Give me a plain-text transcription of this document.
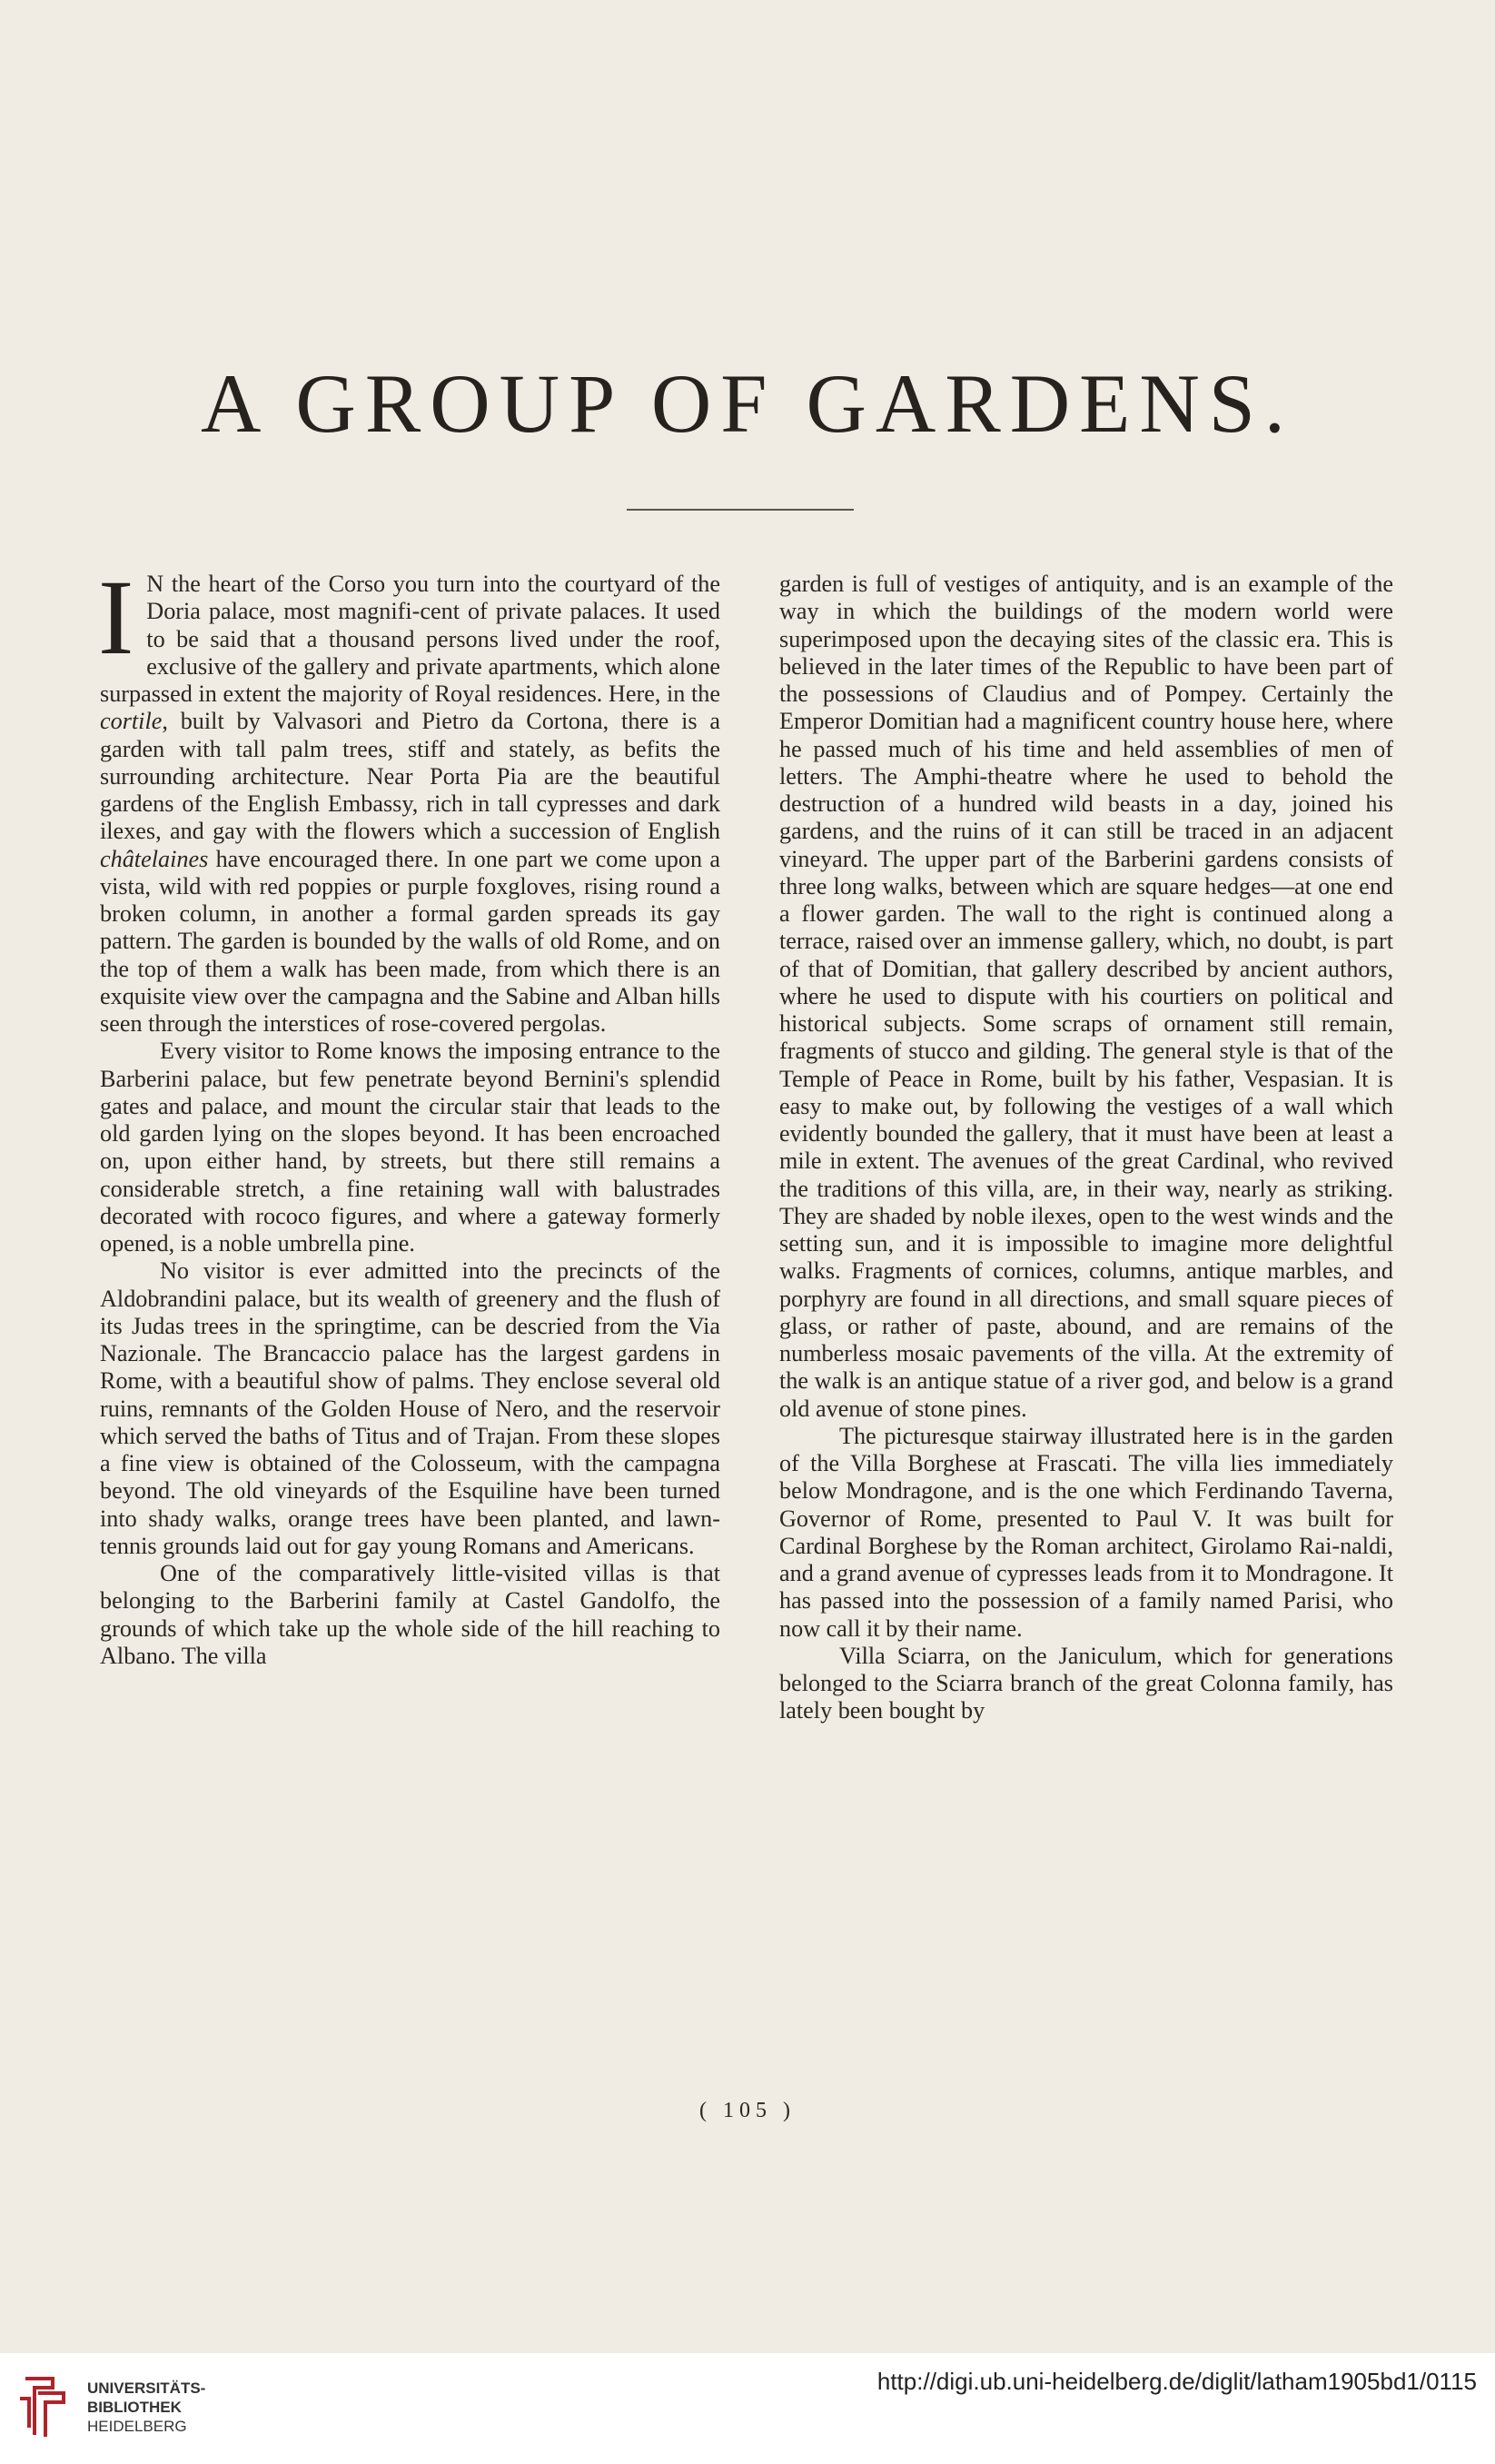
A GROUP OF GARDENS.

I N the heart of the Corso you turn into the courtyard of the Doria palace, most magnifi-cent of private palaces. It used to be said that a thousand persons lived under the roof, exclusive of the gallery and private apartments, which alone surpassed in extent the majority of Royal residences. Here, in the cortile, built by Valvasori and Pietro da Cortona, there is a garden with tall palm trees, stiff and stately, as befits the surrounding architecture. Near Porta Pia are the beautiful gardens of the English Embassy, rich in tall cypresses and dark ilexes, and gay with the flowers which a succession of English châtelaines have encouraged there. In one part we come upon a vista, wild with red poppies or purple foxgloves, rising round a broken column, in another a formal garden spreads its gay pattern. The garden is bounded by the walls of old Rome, and on the top of them a walk has been made, from which there is an exquisite view over the campagna and the Sabine and Alban hills seen through the interstices of rose-covered pergolas.

Every visitor to Rome knows the imposing entrance to the Barberini palace, but few penetrate beyond Bernini's splendid gates and palace, and mount the circular stair that leads to the old garden lying on the slopes beyond. It has been encroached on, upon either hand, by streets, but there still remains a considerable stretch, a fine retaining wall with balustrades decorated with rococo figures, and where a gateway formerly opened, is a noble umbrella pine.

No visitor is ever admitted into the precincts of the Aldobrandini palace, but its wealth of greenery and the flush of its Judas trees in the springtime, can be descried from the Via Nazionale. The Brancaccio palace has the largest gardens in Rome, with a beautiful show of palms. They enclose several old ruins, remnants of the Golden House of Nero, and the reservoir which served the baths of Titus and of Trajan. From these slopes a fine view is obtained of the Colosseum, with the campagna beyond. The old vineyards of the Esquiline have been turned into shady walks, orange trees have been planted, and lawn-tennis grounds laid out for gay young Romans and Americans.

One of the comparatively little-visited villas is that belonging to the Barberini family at Castel Gandolfo, the grounds of which take up the whole side of the hill reaching to Albano. The villa

garden is full of vestiges of antiquity, and is an example of the way in which the buildings of the modern world were superimposed upon the decaying sites of the classic era. This is believed in the later times of the Republic to have been part of the possessions of Claudius and of Pompey. Certainly the Emperor Domitian had a magnificent country house here, where he passed much of his time and held assemblies of men of letters. The Amphi-theatre where he used to behold the destruction of a hundred wild beasts in a day, joined his gardens, and the ruins of it can still be traced in an adjacent vineyard. The upper part of the Barberini gardens consists of three long walks, between which are square hedges—at one end a flower garden. The wall to the right is continued along a terrace, raised over an immense gallery, which, no doubt, is part of that of Domitian, that gallery described by ancient authors, where he used to dispute with his courtiers on political and historical subjects. Some scraps of ornament still remain, fragments of stucco and gilding. The general style is that of the Temple of Peace in Rome, built by his father, Vespasian. It is easy to make out, by following the vestiges of a wall which evidently bounded the gallery, that it must have been at least a mile in extent. The avenues of the great Cardinal, who revived the traditions of this villa, are, in their way, nearly as striking. They are shaded by noble ilexes, open to the west winds and the setting sun, and it is impossible to imagine more delightful walks. Fragments of cornices, columns, antique marbles, and porphyry are found in all directions, and small square pieces of glass, or rather of paste, abound, and are remains of the numberless mosaic pavements of the villa. At the extremity of the walk is an antique statue of a river god, and below is a grand old avenue of stone pines.

The picturesque stairway illustrated here is in the garden of the Villa Borghese at Frascati. The villa lies immediately below Mondragone, and is the one which Ferdinando Taverna, Governor of Rome, presented to Paul V. It was built for Cardinal Borghese by the Roman architect, Girolamo Rai-naldi, and a grand avenue of cypresses leads from it to Mondragone. It has passed into the possession of a family named Parisi, who now call it by their name.

Villa Sciarra, on the Janiculum, which for generations belonged to the Sciarra branch of the great Colonna family, has lately been bought by

( 105 )
UNIVERSITÄTS-
BIBLIOTHEK
HEIDELBERG
http://digi.ub.uni-heidelberg.de/diglit/latham1905bd1/0115
